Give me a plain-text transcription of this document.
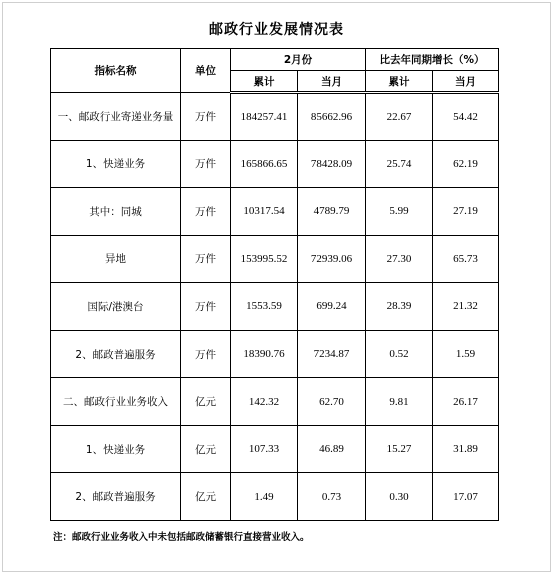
邮政行业发展情况表
指标名称	单位	2月份		比去年同期增长（%）	
		累计	当月	累计	当月
一、邮政行业寄递业务量	万件	184257.41	85662.96	22.67	54.42
1、快递业务	万件	165866.65	78428.09	25.74	62.19
其中：同城	万件	10317.54	4789.79	5.99	27.19
异地	万件	153995.52	72939.06	27.30	65.73
国际/港澳台	万件	1553.59	699.24	28.39	21.32
2、邮政普遍服务	万件	18390.76	7234.87	0.52	1.59
二、邮政行业业务收入	亿元	142.32	62.70	9.81	26.17
1、快递业务	亿元	107.33	46.89	15.27	31.89
2、邮政普遍服务	亿元	1.49	0.73	0.30	17.07
注：邮政行业业务收入中未包括邮政储蓄银行直接营业收入。
